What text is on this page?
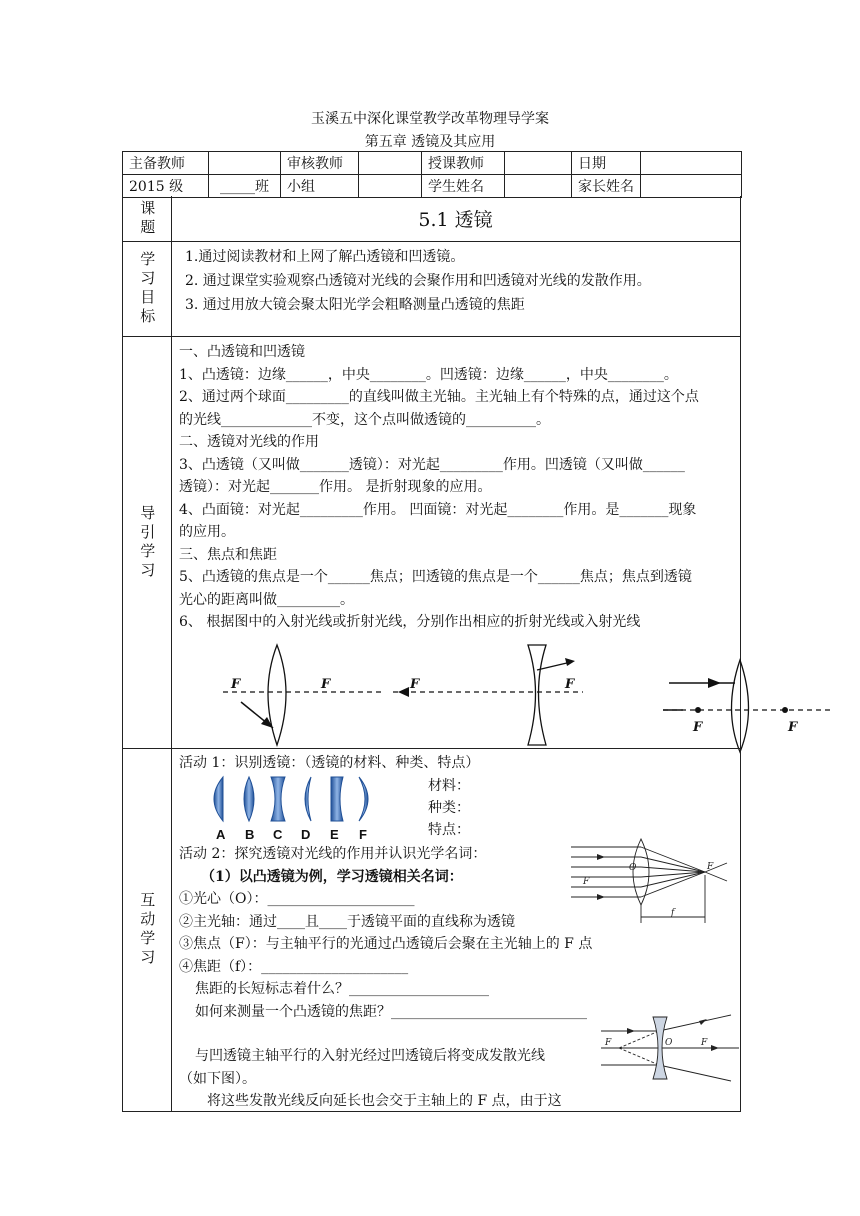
玉溪五中深化课堂教学改革物理导学案
第五章 透镜及其应用
主备教师		审核教师		授课教师		日期	
2015 级	_____班	小组		学生姓名		家长姓名	
课题	5.1 透镜
学习目标 1.通过阅读教材和上网了解凸透镜和凹透镜。
2. 通过课堂实验观察凸透镜对光线的会聚作用和凹透镜对光线的发散作用。
3. 通过用放大镜会聚太阳光学会粗略测量凸透镜的焦距
导引学习
一、凸透镜和凹透镜
1、凸透镜：边缘______，中央________。凹透镜：边缘______，中央________。
2、通过两个球面_________的直线叫做主光轴。主光轴上有个特殊的点，通过这个点
的光线_____________不变，这个点叫做透镜的__________。
二、透镜对光线的作用
3、凸透镜（又叫做_______透镜）：对光起_________作用。凹透镜（又叫做______
透镜）：对光起_______作用。 是折射现象的应用。
4、凸面镜：对光起_________作用。 凹面镜：对光起________作用。是_______现象
的应用。
三、焦点和焦距
5、凸透镜的焦点是一个______焦点；凹透镜的焦点是一个______焦点；焦点到透镜
光心的距离叫做_________。
6、 根据图中的入射光线或折射光线，分别作出相应的折射光线或入射光线
F	F	F	F
F	F
互动学习
活动 1：识别透镜：（透镜的材料、种类、特点）
A B C D E F
材料：
种类：
特点：
活动 2：探究透镜对光线的作用并认识光学名词：
（1）以凸透镜为例，学习透镜相关名词：
①光心（O）：_____________________
②主光轴：通过____且____于透镜平面的直线称为透镜
③焦点（F）：与主轴平行的光通过凸透镜后会聚在主光轴上的 F 点
④焦距（f）：_____________________
焦距的长短标志着什么？____________________
如何来测量一个凸透镜的焦距？____________________________
与凹透镜主轴平行的入射光经过凹透镜后将变成发散光线
（如下图）。
将这些发散光线反向延长也会交于主轴上的 F 点，由于这
O
F
F
f
F	O	F
